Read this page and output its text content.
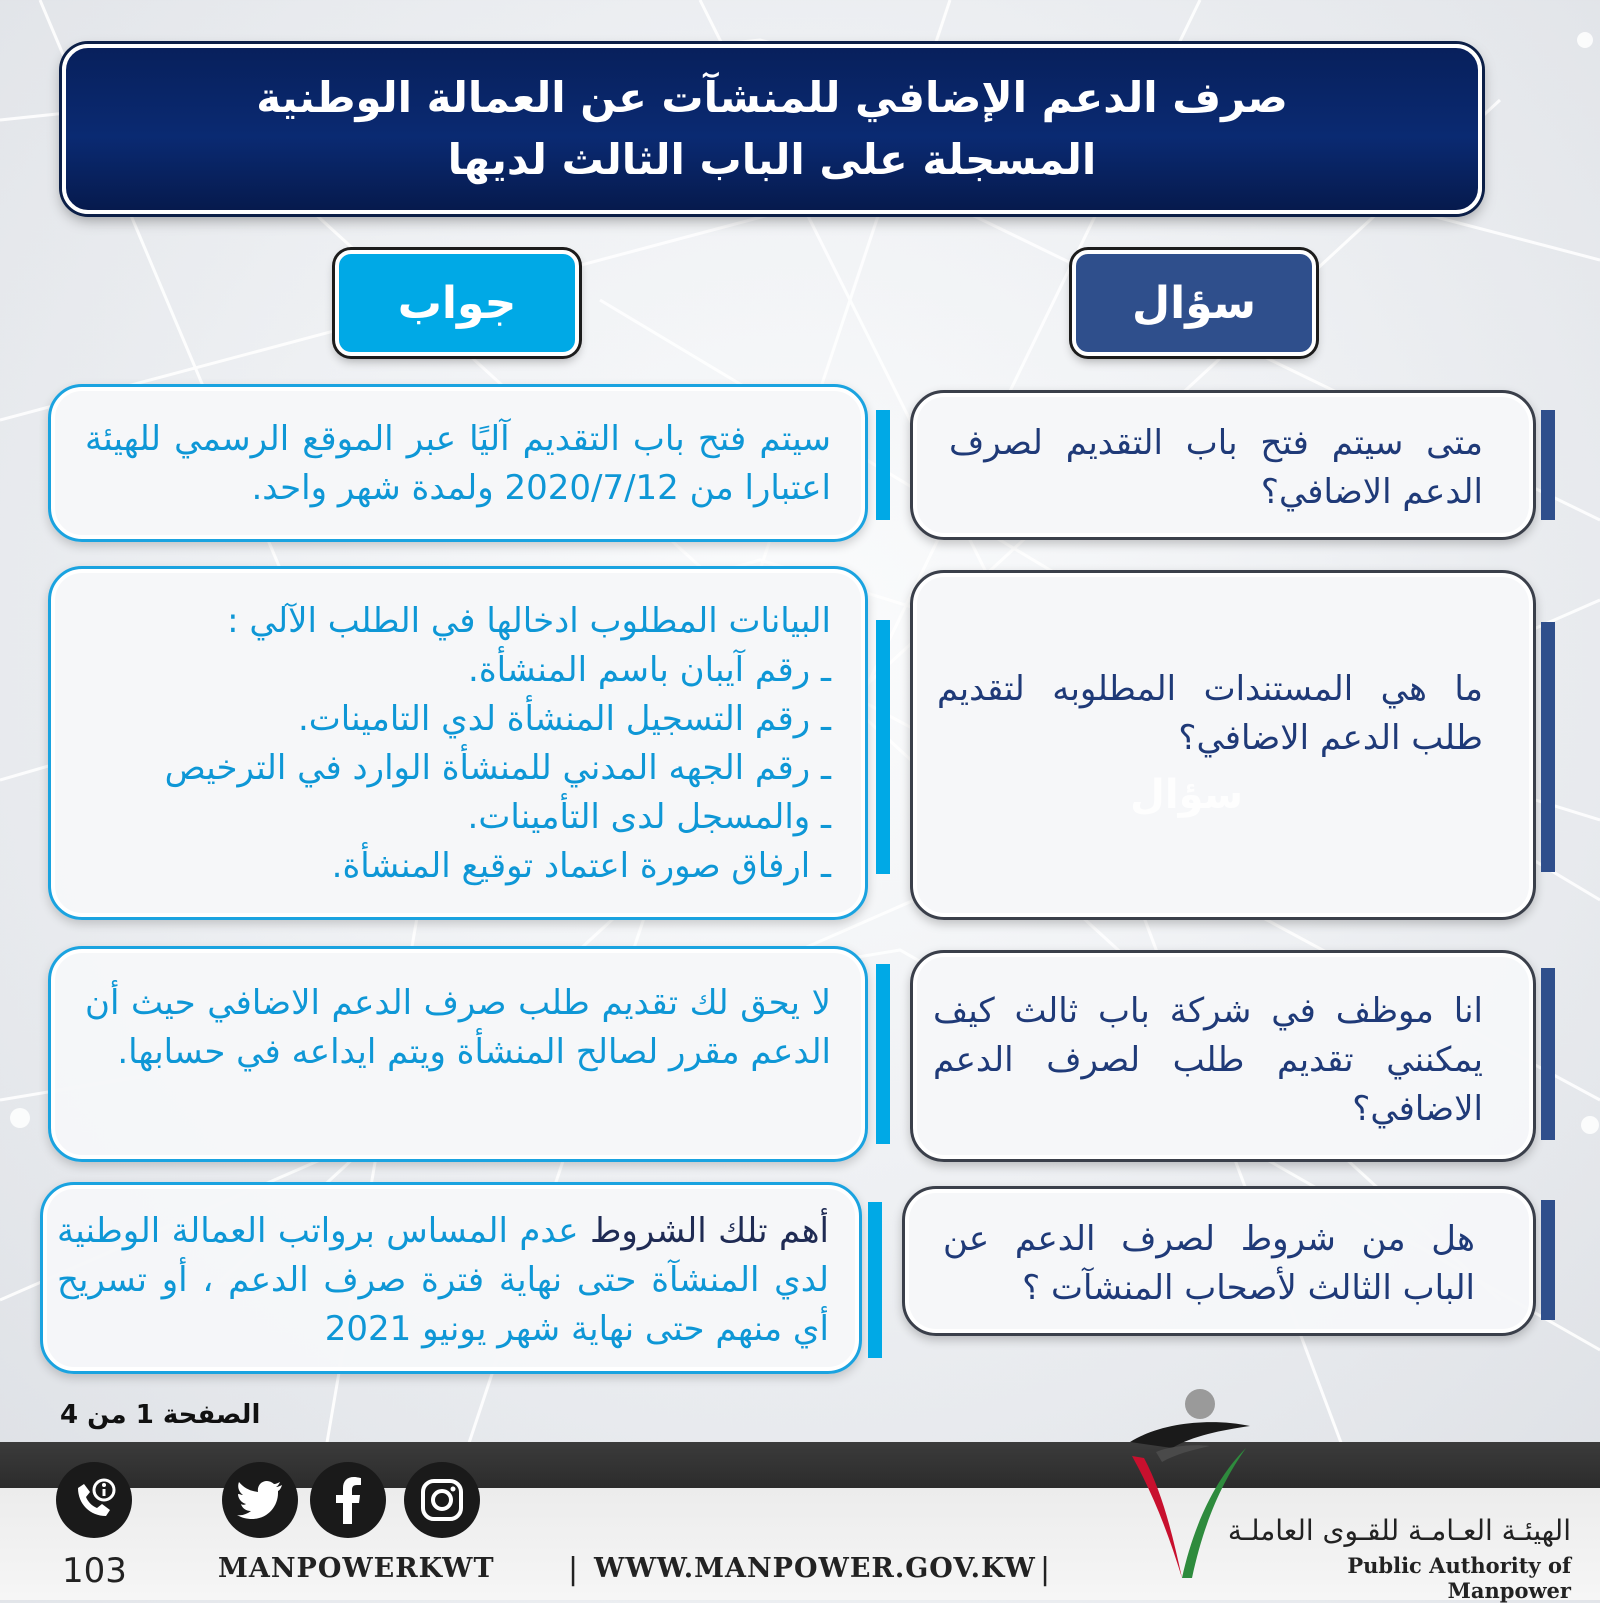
صرف الدعم الإضافي للمنشآت عن العمالة الوطنية
المسجلة على الباب الثالث لديها
سؤال
جواب
متى سيتم فتح باب التقديم لصرف الدعم الاضافي؟
سيتم فتح باب التقديم آليًا عبر الموقع الرسمي للهيئة اعتبارا من 2020/7/12 ولمدة شهر واحد.
ما هي المستندات المطلوبه لتقديم طلب الدعم الاضافي؟
سؤال
البيانات المطلوب ادخالها في الطلب الآلي :
ـ رقم آيبان باسم المنشأة.
ـ رقم التسجيل المنشأة لدي التامينات.
ـ رقم الجهه المدني للمنشأة الوارد في الترخيص
ـ والمسجل لدى التأمينات.
ـ ارفاق صورة اعتماد توقيع المنشأة.
انا موظف في شركة باب ثالث كيف يمكنني تقديم طلب لصرف الدعم الاضافي؟
لا يحق لك تقديم طلب صرف الدعم الاضافي حيث أن الدعم مقرر لصالح المنشأة ويتم ايداعه في حسابها.
هل من شروط لصرف الدعم عن الباب الثالث لأصحاب المنشآت ؟
أهم تلك الشروط عدم المساس برواتب العمالة الوطنية لدي المنشآة حتى نهاية فترة صرف الدعم ، أو تسريح أي منهم حتى نهاية شهر يونيو 2021
الصفحة 1 من 4
103	MANPOWERKWT | WWW.MANPOWER.GOV.KW |
الهيئـة العـامـة للقـوى العاملـة
Public Authority of Manpower
